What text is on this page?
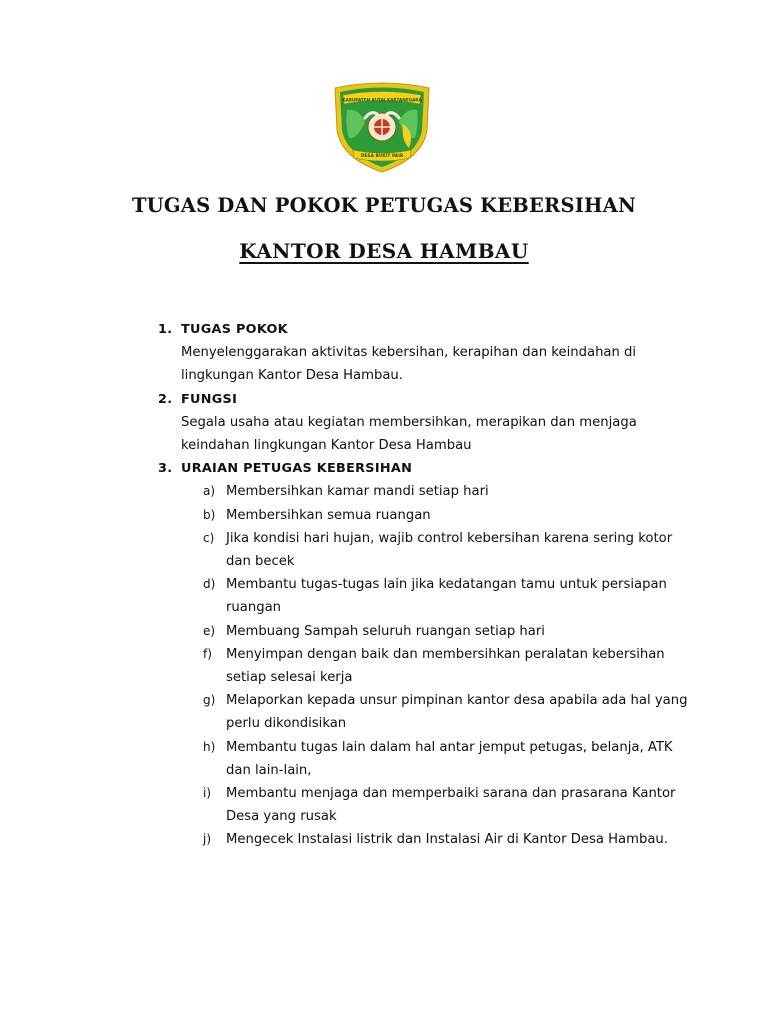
KABUPATEN KUTAI KARTANEGARA
DESA BUKIT PAIR
TUGAS DAN POKOK PETUGAS KEBERSIHAN
KANTOR DESA HAMBAU
1. TUGAS POKOK
Menyelenggarakan aktivitas kebersihan, kerapihan dan keindahan di lingkungan Kantor Desa Hambau.
2. FUNGSI
Segala usaha atau kegiatan membersihkan, merapikan dan menjaga keindahan lingkungan Kantor Desa Hambau
3. URAIAN PETUGAS KEBERSIHAN
a) Membersihkan kamar mandi setiap hari
b) Membersihkan semua ruangan
c) Jika kondisi hari hujan, wajib control kebersihan karena sering kotor dan becek
d) Membantu tugas-tugas lain jika kedatangan tamu untuk persiapan ruangan
e) Membuang Sampah seluruh ruangan setiap hari
f) Menyimpan dengan baik dan membersihkan peralatan kebersihan setiap selesai kerja
g) Melaporkan kepada unsur pimpinan kantor desa apabila ada hal yang perlu dikondisikan
h) Membantu tugas lain dalam hal antar jemput petugas, belanja, ATK dan lain-lain,
i) Membantu menjaga dan memperbaiki sarana dan prasarana Kantor Desa yang rusak
j) Mengecek Instalasi listrik dan Instalasi Air di Kantor Desa Hambau.
